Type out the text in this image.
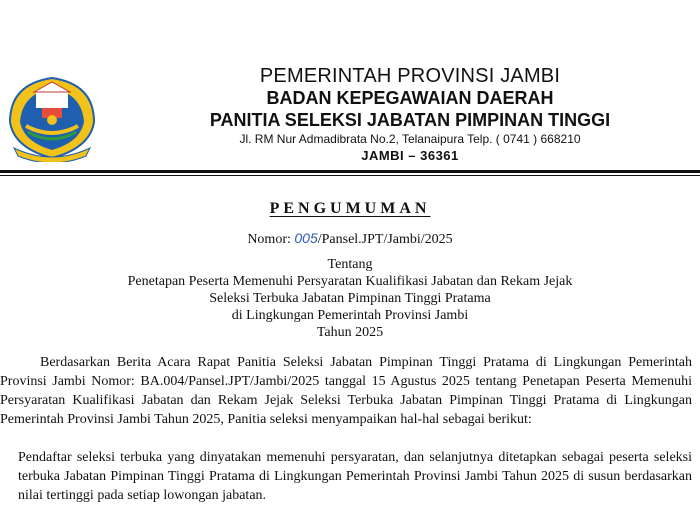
PEMERINTAH PROVINSI JAMBI
BADAN KEPEGAWAIAN DAERAH
PANITIA SELEKSI JABATAN PIMPINAN TINGGI
Jl. RM Nur Admadibrata No.2, Telanaipura Telp. ( 0741 ) 668210
JAMBI – 36361
PENGUMUMAN
Nomor: 005/Pansel.JPT/Jambi/2025
Tentang
Penetapan Peserta Memenuhi Persyaratan Kualifikasi Jabatan dan Rekam Jejak
Seleksi Terbuka Jabatan Pimpinan Tinggi Pratama
di Lingkungan Pemerintah Provinsi Jambi
Tahun 2025

Berdasarkan Berita Acara Rapat Panitia Seleksi Jabatan Pimpinan Tinggi Pratama di Lingkungan Pemerintah Provinsi Jambi Nomor: BA.004/Pansel.JPT/Jambi/2025 tanggal 15 Agustus 2025 tentang Penetapan Peserta Memenuhi Persyaratan Kualifikasi Jabatan dan Rekam Jejak Seleksi Terbuka Jabatan Pimpinan Tinggi Pratama di Lingkungan Pemerintah Provinsi Jambi Tahun 2025, Panitia seleksi menyampaikan hal-hal sebagai berikut:

Pendaftar seleksi terbuka yang dinyatakan memenuhi persyaratan, dan selanjutnya ditetapkan sebagai peserta seleksi terbuka Jabatan Pimpinan Tinggi Pratama di Lingkungan Pemerintah Provinsi Jambi Tahun 2025 di susun berdasarkan nilai tertinggi pada setiap lowongan jabatan.
